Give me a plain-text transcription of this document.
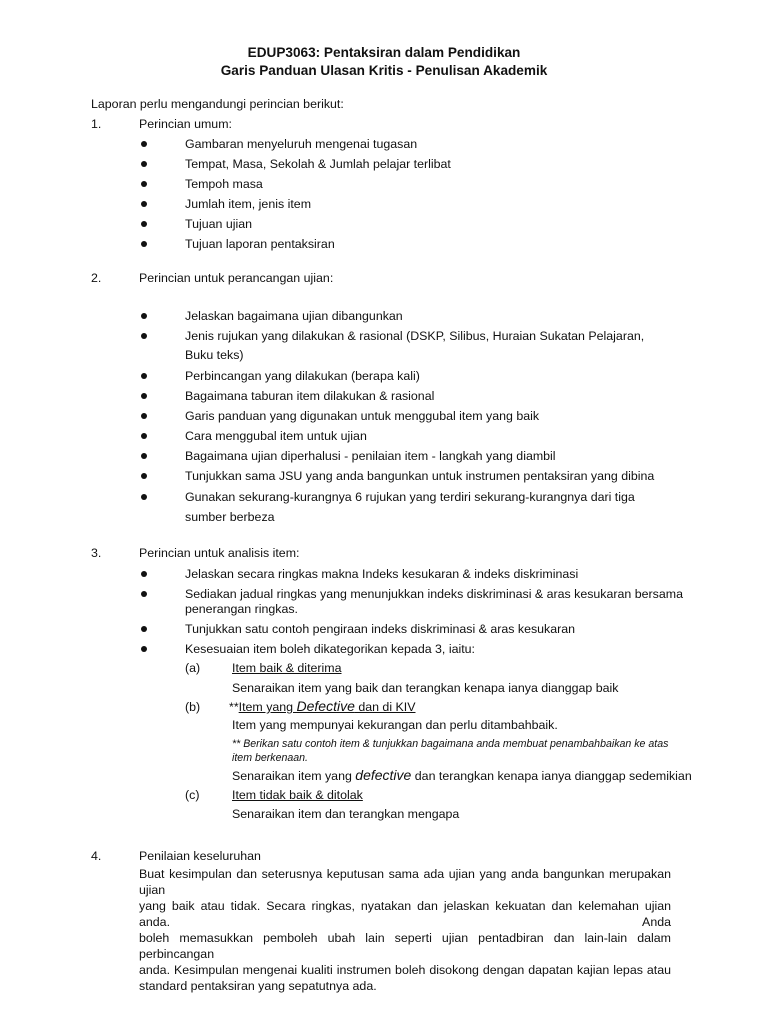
EDUP3063: Pentaksiran dalam Pendidikan
Garis Panduan Ulasan Kritis - Penulisan Akademik
Laporan perlu mengandungi perincian berikut:
1.	Perincian umum:
Gambaran menyeluruh mengenai tugasan
Tempat, Masa, Sekolah & Jumlah pelajar terlibat
Tempoh masa
Jumlah item, jenis item
Tujuan ujian
Tujuan laporan pentaksiran
2.	Perincian untuk perancangan ujian:
Jelaskan bagaimana ujian dibangunkan
Jenis rujukan yang dilakukan & rasional (DSKP, Silibus, Huraian Sukatan Pelajaran,
Buku teks)
Perbincangan yang dilakukan (berapa kali)
Bagaimana taburan item dilakukan & rasional
Garis panduan yang digunakan untuk menggubal item yang baik
Cara menggubal item untuk ujian
Bagaimana ujian diperhalusi - penilaian item - langkah yang diambil
Tunjukkan sama JSU yang anda bangunkan untuk instrumen pentaksiran yang dibina
Gunakan sekurang-kurangnya 6 rujukan yang terdiri sekurang-kurangnya dari tiga
sumber berbeza
3.	Perincian untuk analisis item:
Jelaskan secara ringkas makna Indeks kesukaran & indeks diskriminasi
Sediakan jadual ringkas yang menunjukkan indeks diskriminasi & aras kesukaran bersama
penerangan ringkas.
Tunjukkan satu contoh pengiraan indeks diskriminasi & aras kesukaran
Kesesuaian item boleh dikategorikan kepada 3, iaitu:
(a)	Item baik & diterima
Senaraikan item yang baik dan terangkan kenapa ianya dianggap baik
(b) **Item yang Defective dan di KIV
Item yang mempunyai kekurangan dan perlu ditambahbaik.
** Berikan satu contoh item & tunjukkan bagaimana anda membuat penambahbaikan ke atas
item berkenaan.
Senaraikan item yang defective dan terangkan kenapa ianya dianggap sedemikian
(c)	Item tidak baik & ditolak
Senaraikan item dan terangkan mengapa
4.	Penilaian keseluruhan
Buat kesimpulan dan seterusnya keputusan sama ada ujian yang anda bangunkan merupakan ujian
yang baik atau tidak. Secara ringkas, nyatakan dan jelaskan kekuatan dan kelemahan ujian anda. Anda
boleh memasukkan pemboleh ubah lain seperti ujian pentadbiran dan lain-lain dalam perbincangan
anda. Kesimpulan mengenai kualiti instrumen boleh disokong dengan dapatan kajian lepas atau
standard pentaksiran yang sepatutnya ada.
